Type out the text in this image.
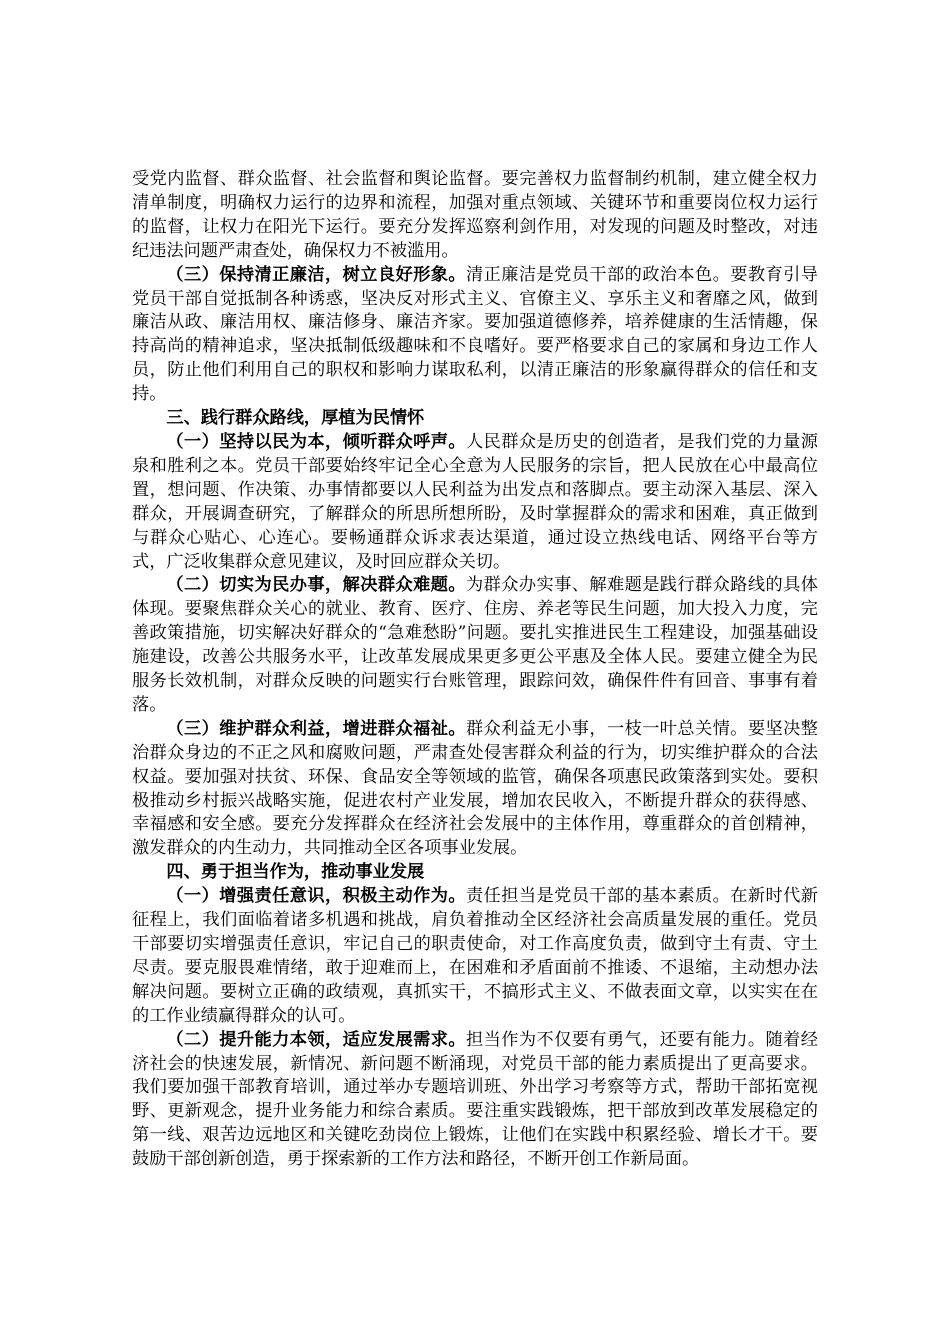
受党内监督、群众监督、社会监督和舆论监督。要完善权力监督制约机制，建立健全权力清单制度，明确权力运行的边界和流程，加强对重点领域、关键环节和重要岗位权力运行的监督，让权力在阳光下运行。要充分发挥巡察利剑作用，对发现的问题及时整改，对违纪违法问题严肃查处，确保权力不被滥用。

（三）保持清正廉洁，树立良好形象。清正廉洁是党员干部的政治本色。要教育引导党员干部自觉抵制各种诱惑，坚决反对形式主义、官僚主义、享乐主义和奢靡之风，做到廉洁从政、廉洁用权、廉洁修身、廉洁齐家。要加强道德修养，培养健康的生活情趣，保持高尚的精神追求，坚决抵制低级趣味和不良嗜好。要严格要求自己的家属和身边工作人员，防止他们利用自己的职权和影响力谋取私利，以清正廉洁的形象赢得群众的信任和支持。

三、践行群众路线，厚植为民情怀

（一）坚持以民为本，倾听群众呼声。人民群众是历史的创造者，是我们党的力量源泉和胜利之本。党员干部要始终牢记全心全意为人民服务的宗旨，把人民放在心中最高位置，想问题、作决策、办事情都要以人民利益为出发点和落脚点。要主动深入基层、深入群众，开展调查研究，了解群众的所思所想所盼，及时掌握群众的需求和困难，真正做到与群众心贴心、心连心。要畅通群众诉求表达渠道，通过设立热线电话、网络平台等方式，广泛收集群众意见建议，及时回应群众关切。

（二）切实为民办事，解决群众难题。为群众办实事、解难题是践行群众路线的具体体现。要聚焦群众关心的就业、教育、医疗、住房、养老等民生问题，加大投入力度，完善政策措施，切实解决好群众的“急难愁盼”问题。要扎实推进民生工程建设，加强基础设施建设，改善公共服务水平，让改革发展成果更多更公平惠及全体人民。要建立健全为民服务长效机制，对群众反映的问题实行台账管理，跟踪问效，确保件件有回音、事事有着落。

（三）维护群众利益，增进群众福祉。群众利益无小事，一枝一叶总关情。要坚决整治群众身边的不正之风和腐败问题，严肃查处侵害群众利益的行为，切实维护群众的合法权益。要加强对扶贫、环保、食品安全等领域的监管，确保各项惠民政策落到实处。要积极推动乡村振兴战略实施，促进农村产业发展，增加农民收入，不断提升群众的获得感、幸福感和安全感。要充分发挥群众在经济社会发展中的主体作用，尊重群众的首创精神，激发群众的内生动力，共同推动全区各项事业发展。

四、勇于担当作为，推动事业发展

（一）增强责任意识，积极主动作为。责任担当是党员干部的基本素质。在新时代新征程上，我们面临着诸多机遇和挑战，肩负着推动全区经济社会高质量发展的重任。党员干部要切实增强责任意识，牢记自己的职责使命，对工作高度负责，做到守土有责、守土尽责。要克服畏难情绪，敢于迎难而上，在困难和矛盾面前不推诿、不退缩，主动想办法解决问题。要树立正确的政绩观，真抓实干，不搞形式主义、不做表面文章，以实实在在的工作业绩赢得群众的认可。

（二）提升能力本领，适应发展需求。担当作为不仅要有勇气，还要有能力。随着经济社会的快速发展，新情况、新问题不断涌现，对党员干部的能力素质提出了更高要求。我们要加强干部教育培训，通过举办专题培训班、外出学习考察等方式，帮助干部拓宽视野、更新观念，提升业务能力和综合素质。要注重实践锻炼，把干部放到改革发展稳定的第一线、艰苦边远地区和关键吃劲岗位上锻炼，让他们在实践中积累经验、增长才干。要鼓励干部创新创造，勇于探索新的工作方法和路径，不断开创工作新局面。
